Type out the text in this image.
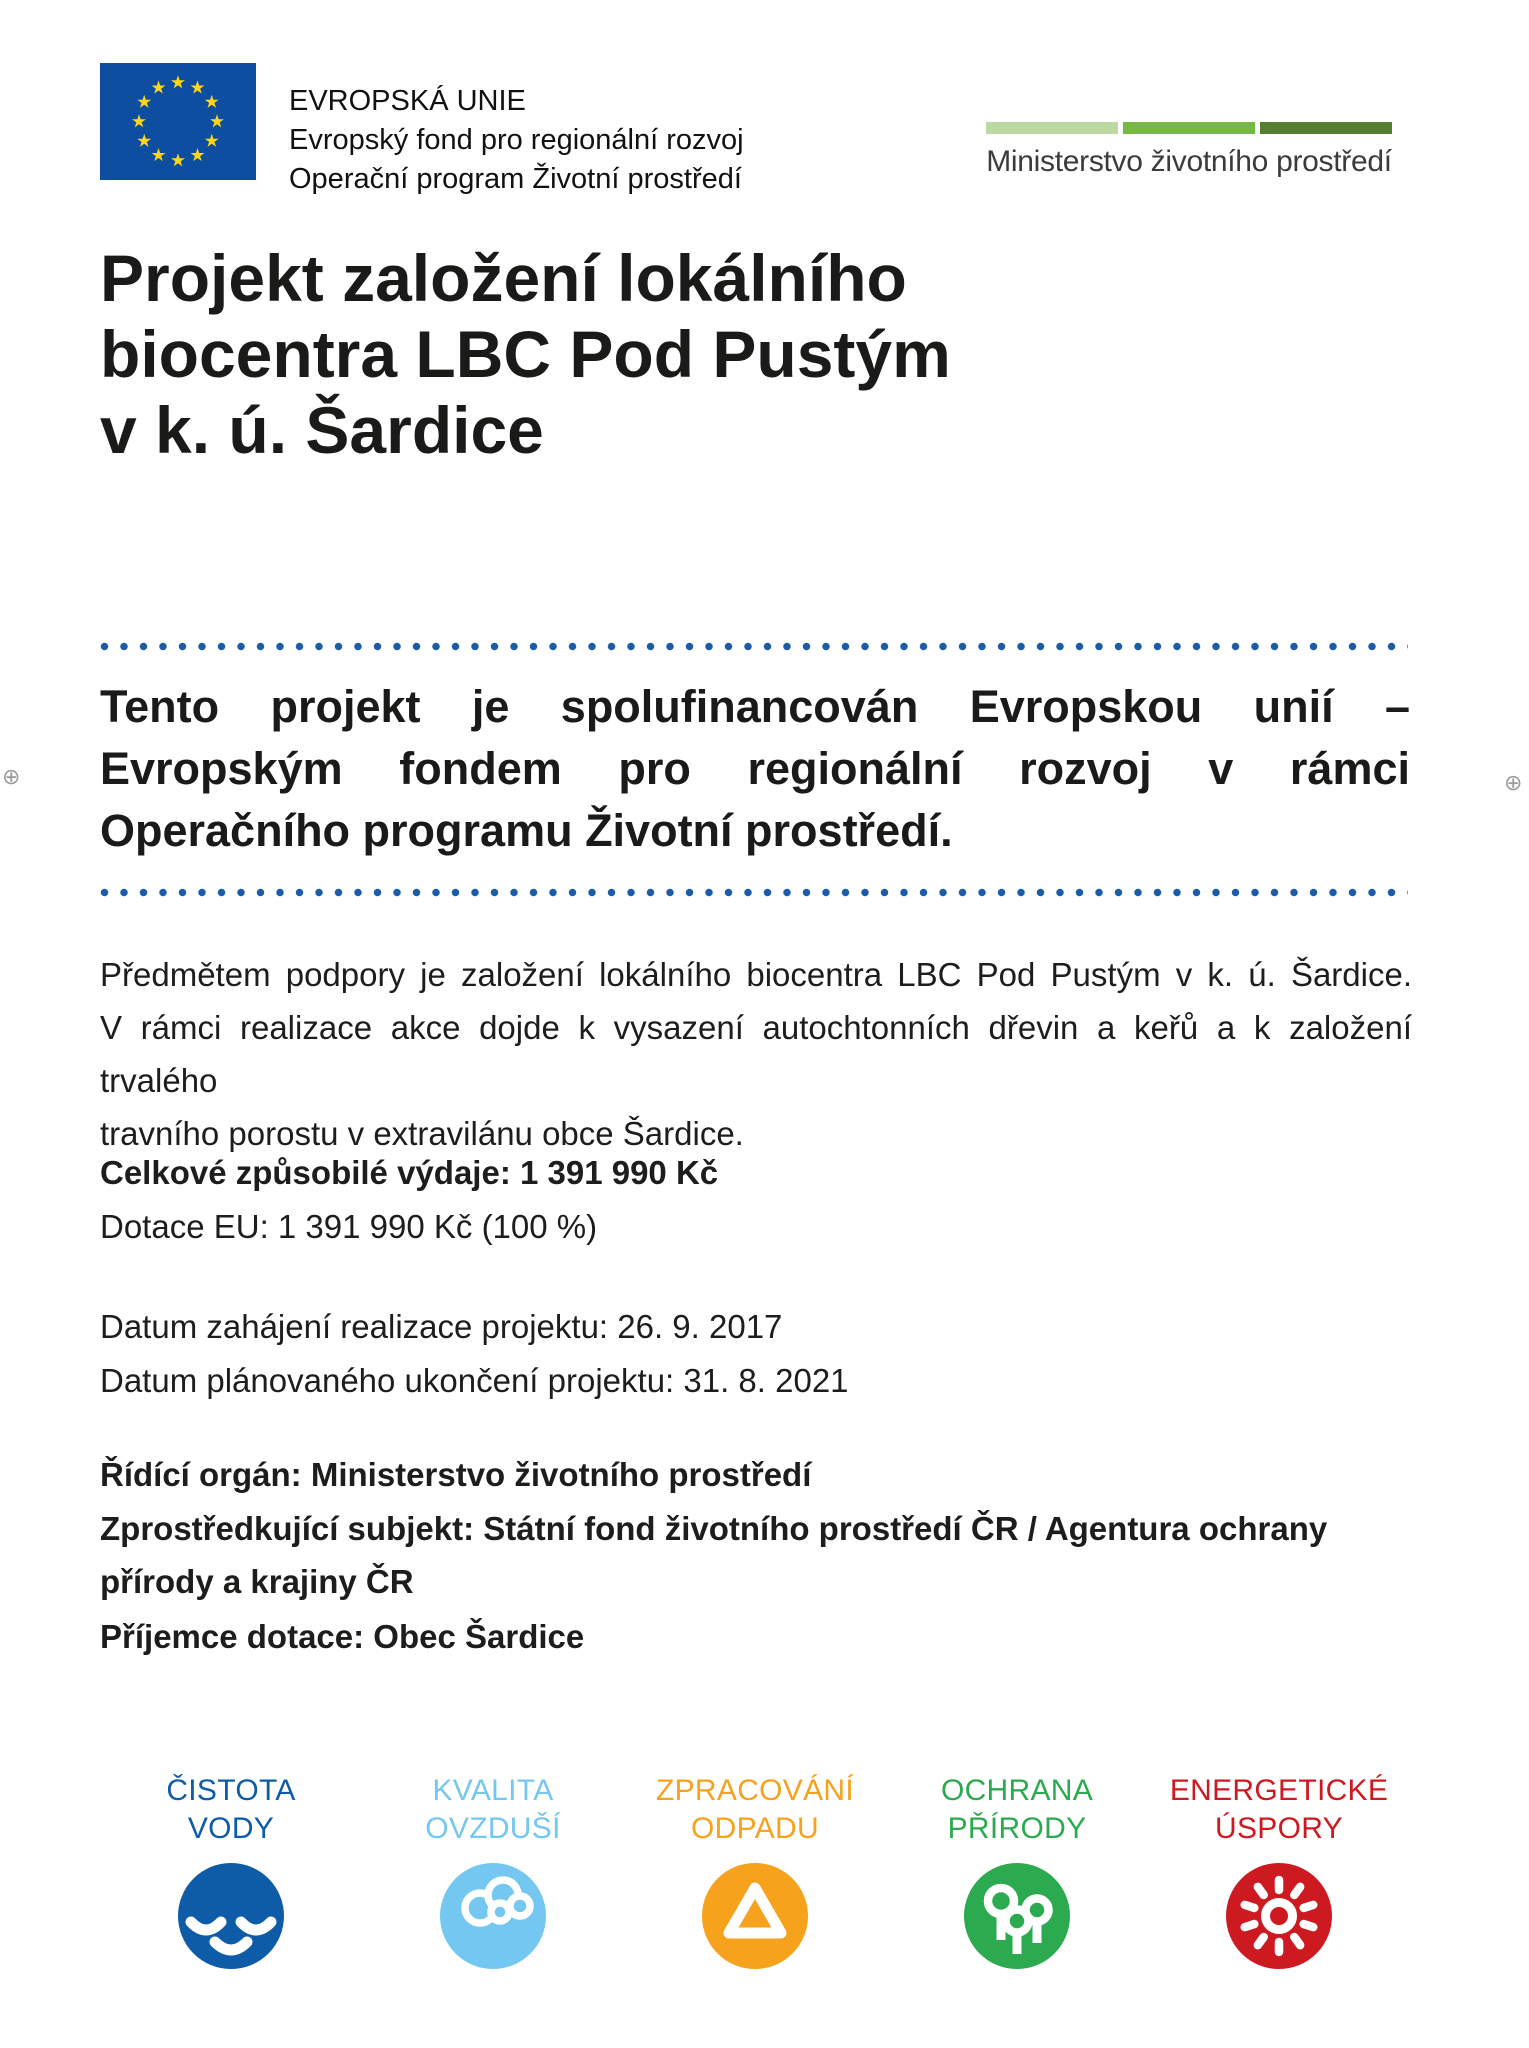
⊕	⊕
EVROPSKÁ UNIE
Evropský fond pro regionální rozvoj
Operační program Životní prostředí
Ministerstvo životního prostředí
Projekt založení lokálního
biocentra LBC Pod Pustým
v k. ú. Šardice
Tento projekt je spolufinancován Evropskou unií –
Evropským fondem pro regionální rozvoj v rámci
Operačního programu Životní prostředí.
Předmětem podpory je založení lokálního biocentra LBC Pod Pustým v k. ú. Šardice.
V rámci realizace akce dojde k vysazení autochtonních dřevin a keřů a k založení trvalého
travního porostu v extravilánu obce Šardice.
Celkové způsobilé výdaje: 1 391 990 Kč
Dotace EU: 1 391 990 Kč (100 %)
Datum zahájení realizace projektu: 26. 9. 2017
Datum plánovaného ukončení projektu: 31. 8. 2021
Řídící orgán: Ministerstvo životního prostředí
Zprostředkující subjekt: Státní fond životního prostředí ČR / Agentura ochrany přírody a krajiny ČR
Příjemce dotace: Obec Šardice
ČISTOTA
VODY
KVALITA
OVZDUŠÍ
ZPRACOVÁNÍ
ODPADU
OCHRANA
PŘÍRODY
ENERGETICKÉ
ÚSPORY
